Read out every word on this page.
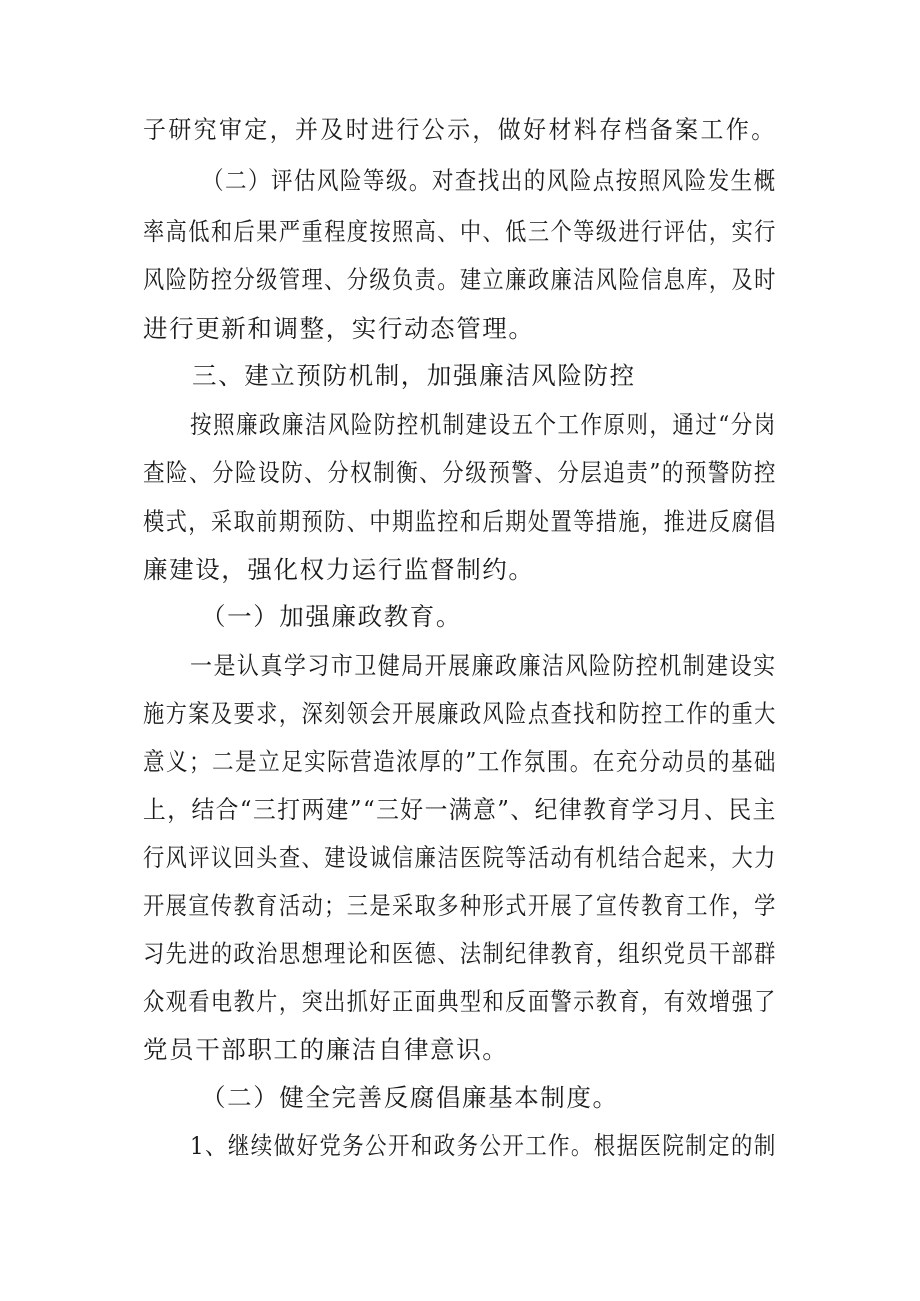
子研究审定，并及时进行公示，做好材料存档备案工作。
（二）评估风险等级。对查找出的风险点按照风险发生概
率高低和后果严重程度按照高、中、低三个等级进行评估，实行
风险防控分级管理、分级负责。建立廉政廉洁风险信息库，及时
进行更新和调整，实行动态管理。
三、建立预防机制，加强廉洁风险防控
按照廉政廉洁风险防控机制建设五个工作原则，通过“分岗
查险、分险设防、分权制衡、分级预警、分层追责”的预警防控
模式，采取前期预防、中期监控和后期处置等措施，推进反腐倡
廉建设，强化权力运行监督制约。
（一）加强廉政教育。
一是认真学习市卫健局开展廉政廉洁风险防控机制建设实
施方案及要求，深刻领会开展廉政风险点查找和防控工作的重大
意义；二是立足实际营造浓厚的”工作氛围。在充分动员的基础
上，结合“三打两建”“三好一满意”、纪律教育学习月、民主
行风评议回头查、建设诚信廉洁医院等活动有机结合起来，大力
开展宣传教育活动；三是采取多种形式开展了宣传教育工作，学
习先进的政治思想理论和医德、法制纪律教育，组织党员干部群
众观看电教片，突出抓好正面典型和反面警示教育，有效增强了
党员干部职工的廉洁自律意识。
（二）健全完善反腐倡廉基本制度。
1、继续做好党务公开和政务公开工作。根据医院制定的制
